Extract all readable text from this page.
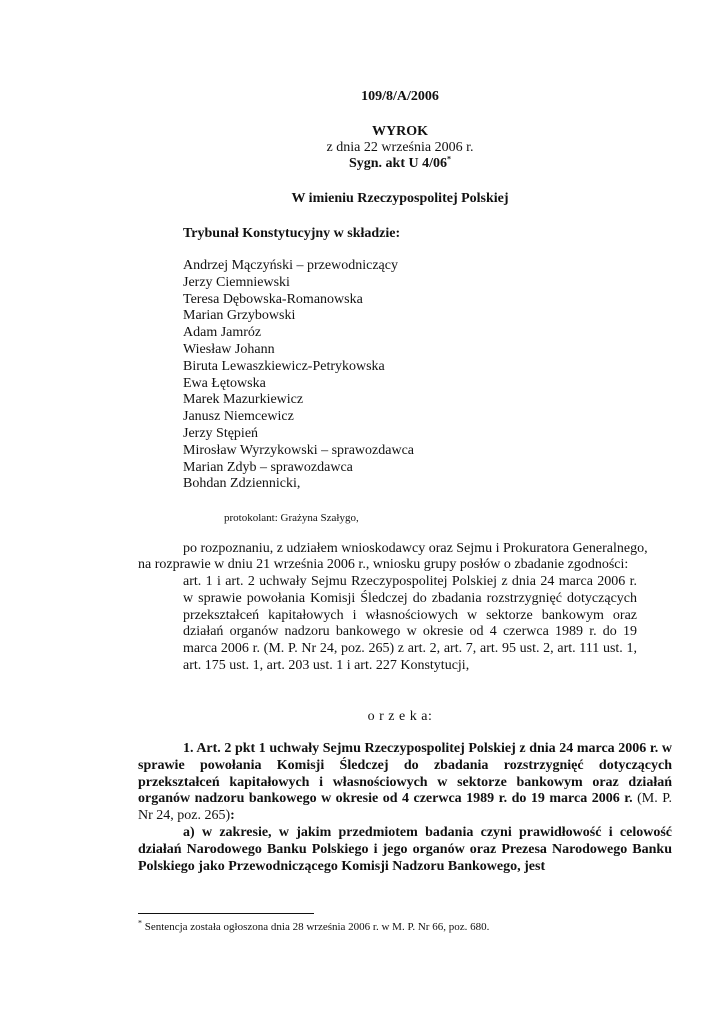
109/8/A/2006
WYROK
z dnia 22 września 2006 r.
Sygn. akt U 4/06*
W imieniu Rzeczypospolitej Polskiej
Trybunał Konstytucyjny w składzie:
Andrzej Mączyński – przewodniczący
Jerzy Ciemniewski
Teresa Dębowska-Romanowska
Marian Grzybowski
Adam Jamróz
Wiesław Johann
Biruta Lewaszkiewicz-Petrykowska
Ewa Łętowska
Marek Mazurkiewicz
Janusz Niemcewicz
Jerzy Stępień
Mirosław Wyrzykowski – sprawozdawca
Marian Zdyb – sprawozdawca
Bohdan Zdziennicki,
protokolant: Grażyna Szałygo,
po rozpoznaniu, z udziałem wnioskodawcy oraz Sejmu i Prokuratora Generalnego,
na rozprawie w dniu 21 września 2006 r., wniosku grupy posłów o zbadanie zgodności:
art. 1 i art. 2 uchwały Sejmu Rzeczypospolitej Polskiej z dnia 24 marca 2006 r. w sprawie powołania Komisji Śledczej do zbadania rozstrzygnięć dotyczących przekształceń kapitałowych i własnościowych w sektorze bankowym oraz działań organów nadzoru bankowego w okresie od 4 czerwca 1989 r. do 19 marca 2006 r. (M. P. Nr 24, poz. 265) z art. 2, art. 7, art. 95 ust. 2, art. 111 ust. 1, art. 175 ust. 1, art. 203 ust. 1 i art. 227 Konstytucji,
o r z e k a:
1. Art. 2 pkt 1 uchwały Sejmu Rzeczypospolitej Polskiej z dnia 24 marca 2006 r. w sprawie powołania Komisji Śledczej do zbadania rozstrzygnięć dotyczących przekształceń kapitałowych i własnościowych w sektorze bankowym oraz działań organów nadzoru bankowego w okresie od 4 czerwca 1989 r. do 19 marca 2006 r. (M. P. Nr 24, poz. 265):
a) w zakresie, w jakim przedmiotem badania czyni prawidłowość i celowość działań Narodowego Banku Polskiego i jego organów oraz Prezesa Narodowego Banku Polskiego jako Przewodniczącego Komisji Nadzoru Bankowego, jest
* Sentencja została ogłoszona dnia 28 września 2006 r. w M. P. Nr 66, poz. 680.
